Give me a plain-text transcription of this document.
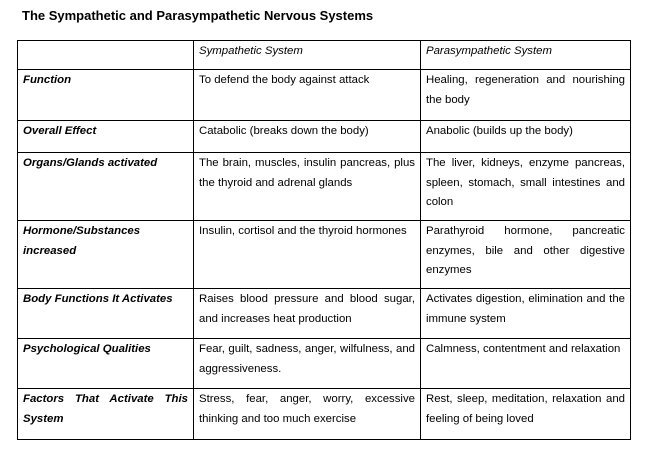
The Sympathetic and Parasympathetic Nervous Systems
	Sympathetic System	Parasympathetic System
Function	To defend the body against attack	Healing, regeneration and nourishing the body
Overall Effect	Catabolic (breaks down the body)	Anabolic (builds up the body)
Organs/Glands activated	The brain, muscles, insulin pancreas, plus the thyroid and adrenal glands	The liver, kidneys, enzyme pancreas, spleen, stomach, small intestines and colon
Hormone/Substances increased	Insulin, cortisol and the thyroid hormones	Parathyroid hormone, pancreatic enzymes, bile and other digestive enzymes
Body Functions It Activates	Raises blood pressure and blood sugar, and increases heat production	Activates digestion, elimination and the immune system
Psychological Qualities	Fear, guilt, sadness, anger, wilfulness, and aggressiveness.	Calmness, contentment and relaxation
Factors That Activate This System	Stress, fear, anger, worry, excessive thinking and too much exercise	Rest, sleep, meditation, relaxation and feeling of being loved
